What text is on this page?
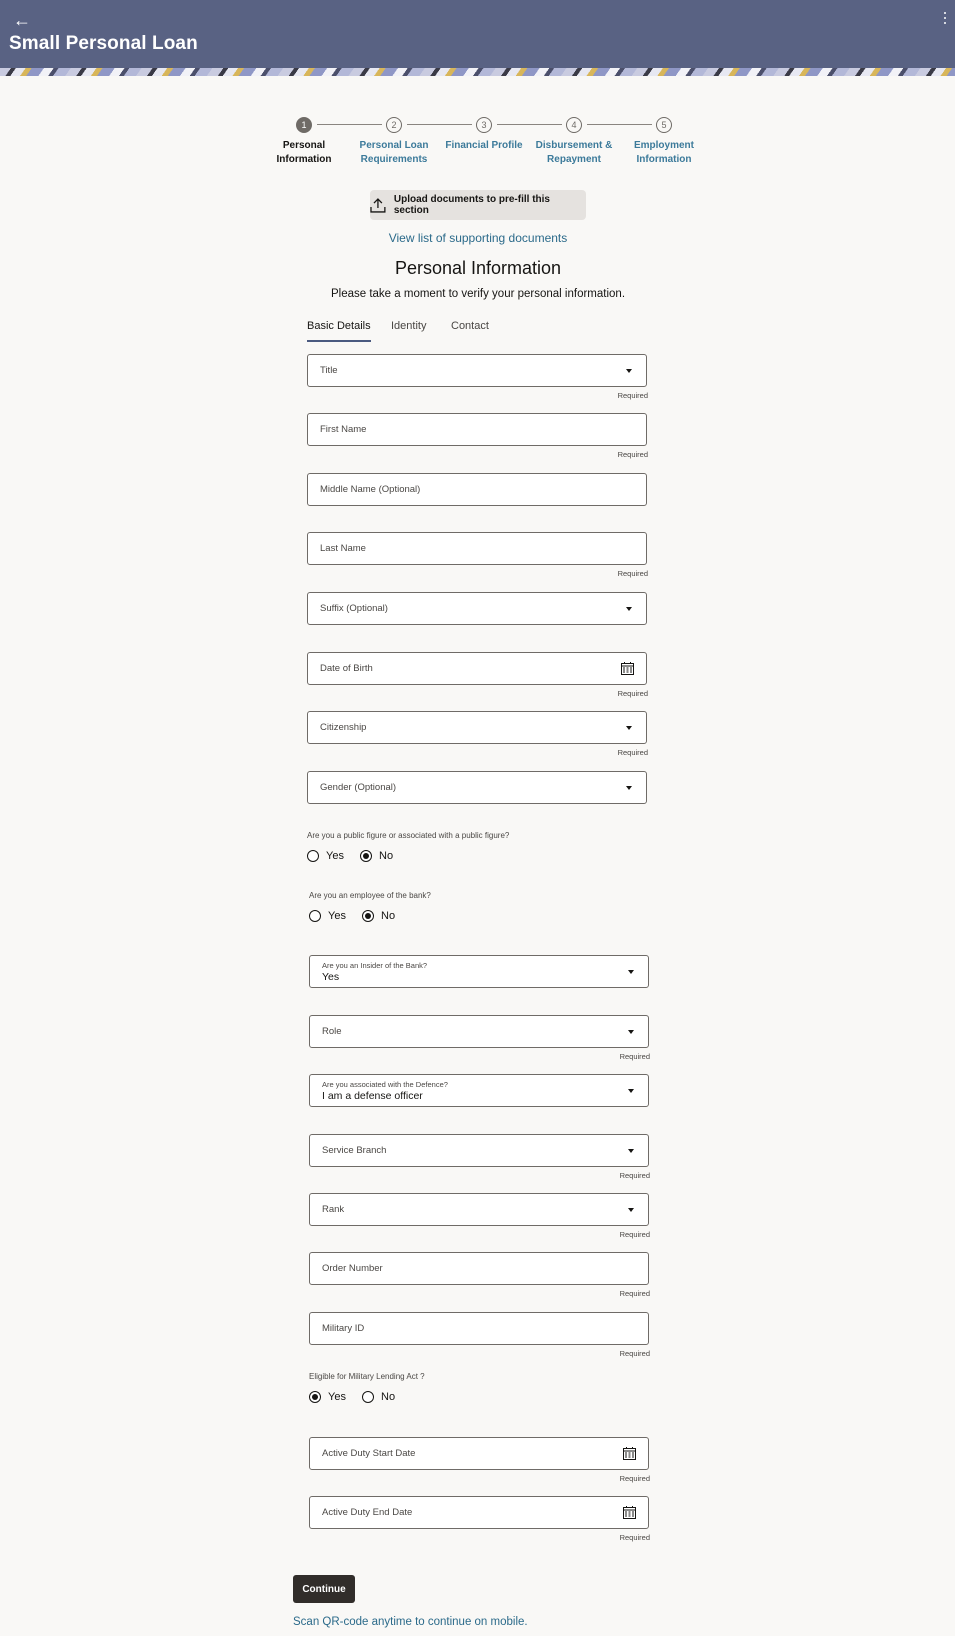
←
Small Personal Loan
1
Personal Information
2
Personal Loan Requirements
3
Financial Profile
4
Disbursement & Repayment
5
Employment Information
Upload documents to pre-fill this section
View list of supporting documents
Personal Information
Please take a moment to verify your personal information.
Basic Details Identity Contact
Title
Required
First Name
Required
Middle Name (Optional)
Last Name
Required
Suffix (Optional)
Date of Birth
Required
Citizenship
Required
Gender (Optional)
Are you a public figure or associated with a public figure?
Yes	No
Are you an employee of the bank?
Yes	No
Are you an Insider of the Bank?
Yes
Role
Required
Are you associated with the Defence?
I am a defense officer
Service Branch
Required
Rank
Required
Order Number
Required
Military ID
Required
Eligible for Military Lending Act ?
Yes	No
Active Duty Start Date
Required
Active Duty End Date
Required
Continue
Scan QR-code anytime to continue on mobile.
